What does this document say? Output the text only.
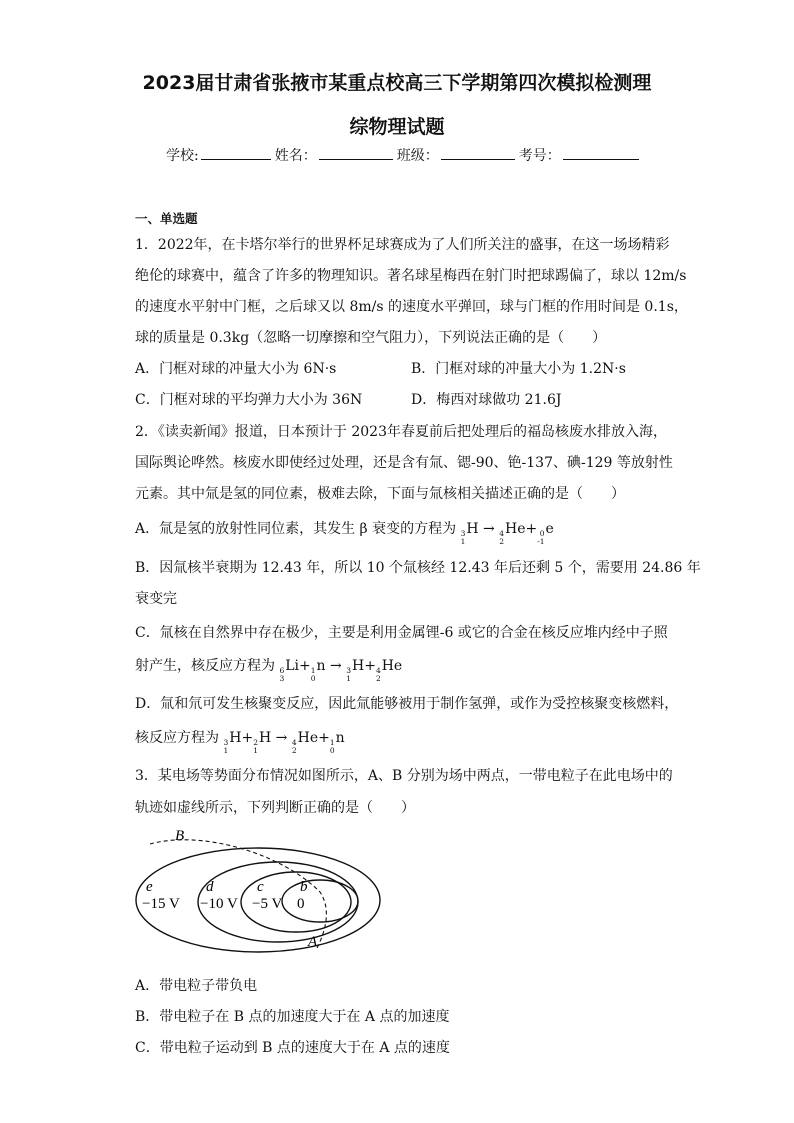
2023届甘肃省张掖市某重点校高三下学期第四次模拟检测理
综物理试题
学校:	姓名：	班级：	考号：
一、单选题
1．2022年，在卡塔尔举行的世界杯足球赛成为了人们所关注的盛事，在这一场场精彩
绝伦的球赛中，蕴含了许多的物理知识。著名球星梅西在射门时把球踢偏了，球以 12m/s
的速度水平射中门框，之后球又以 8m/s 的速度水平弹回，球与门框的作用时间是 0.1s，
球的质量是 0.3kg（忽略一切摩擦和空气阻力），下列说法正确的是（　　）
A．门框对球的冲量大小为 6N·s	B．门框对球的冲量大小为 1.2N·s
C．门框对球的平均弹力大小为 36N	D．梅西对球做功 21.6J
2．《读卖新闻》报道，日本预计于 2023年春夏前后把处理后的福岛核废水排放入海，
国际舆论哗然。核废水即使经过处理，还是含有氚、锶-90、铯-137、碘-129 等放射性
元素。其中氚是氢的同位素，极难去除，下面与氚核相关描述正确的是（　　）
A．氚是氢的放射性同位素，其发生 β 衰变的方程为 3
1
H → 4
2
He+ 0
-1
e
B．因氚核半衰期为 12.43 年，所以 10 个氚核经 12.43 年后还剩 5 个，需要用 24.86 年
衰变完
C．氚核在自然界中存在极少，主要是利用金属锂-6 或它的合金在核反应堆内经中子照
射产生，核反应方程为 6
3
Li+ 1
0
n → 3
1
H+ 4
2
He
D．氚和氘可发生核聚变反应，因此氚能够被用于制作氢弹，或作为受控核聚变核燃料，
核反应方程为 3
1
H+ 2
1
H → 4
2
He+ 1
0
n
3．某电场等势面分布情况如图所示，A、B 分别为场中两点，一带电粒子在此电场中的
轨迹如虚线所示，下列判断正确的是（　　）
B
A
e	d	c b
−15 V −10 V −5 V 0
A．带电粒子带负电
B．带电粒子在 B 点的加速度大于在 A 点的加速度
C．带电粒子运动到 B 点的速度大于在 A 点的速度
